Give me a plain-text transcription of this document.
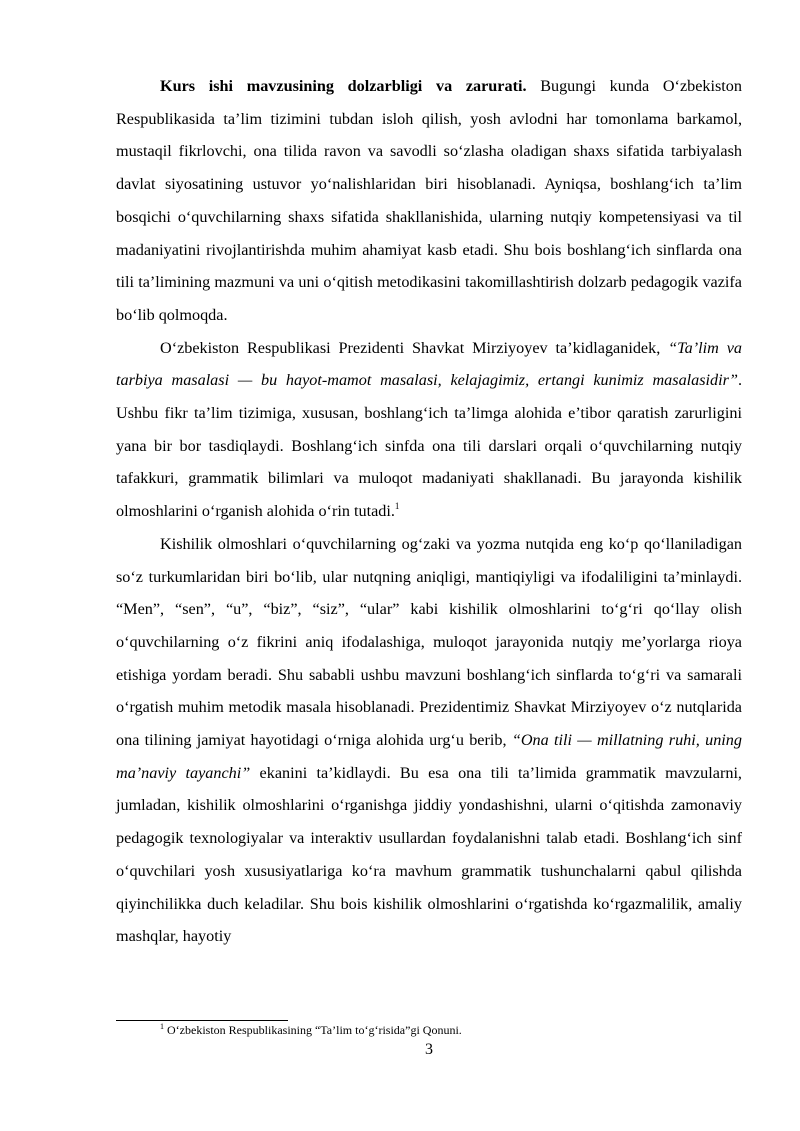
Kurs ishi mavzusining dolzarbligi va zarurati. Bugungi kunda O‘zbekiston Respublikasida ta’lim tizimini tubdan isloh qilish, yosh avlodni har tomonlama barkamol, mustaqil fikrlovchi, ona tilida ravon va savodli so‘zlasha oladigan shaxs sifatida tarbiyalash davlat siyosatining ustuvor yo‘nalishlaridan biri hisoblanadi. Ayniqsa, boshlang‘ich ta’lim bosqichi o‘quvchilarning shaxs sifatida shakllanishida, ularning nutqiy kompetensiyasi va til madaniyatini rivojlantirishda muhim ahamiyat kasb etadi. Shu bois boshlang‘ich sinflarda ona tili ta’limining mazmuni va uni o‘qitish metodikasini takomillashtirish dolzarb pedagogik vazifa bo‘lib qolmoqda.

O‘zbekiston Respublikasi Prezidenti Shavkat Mirziyoyev ta’kidlaganidek, “Ta’lim va tarbiya masalasi — bu hayot-mamot masalasi, kelajagimiz, ertangi kunimiz masalasidir”. Ushbu fikr ta’lim tizimiga, xususan, boshlang‘ich ta’limga alohida e’tibor qaratish zarurligini yana bir bor tasdiqlaydi. Boshlang‘ich sinfda ona tili darslari orqali o‘quvchilarning nutqiy tafakkuri, grammatik bilimlari va muloqot madaniyati shakllanadi. Bu jarayonda kishilik olmoshlarini o‘rganish alohida o‘rin tutadi.$^1$

Kishilik olmoshlari o‘quvchilarning og‘zaki va yozma nutqida eng ko‘p qo‘llaniladigan so‘z turkumlaridan biri bo‘lib, ular nutqning aniqligi, mantiqiyligi va ifodaliligini ta’minlaydi. “Men”, “sen”, “u”, “biz”, “siz”, “ular” kabi kishilik olmoshlarini to‘g‘ri qo‘llay olish o‘quvchilarning o‘z fikrini aniq ifodalashiga, muloqot jarayonida nutqiy me’yorlarga rioya etishiga yordam beradi. Shu sababli ushbu mavzuni boshlang‘ich sinflarda to‘g‘ri va samarali o‘rgatish muhim metodik masala hisoblanadi. Prezidentimiz Shavkat Mirziyoyev o‘z nutqlarida ona tilining jamiyat hayotidagi o‘rniga alohida urg‘u berib, “Ona tili — millatning ruhi, uning ma’naviy tayanchi” ekanini ta’kidlaydi. Bu esa ona tili ta’limida grammatik mavzularni, jumladan, kishilik olmoshlarini o‘rganishga jiddiy yondashishni, ularni o‘qitishda zamonaviy pedagogik texnologiyalar va interaktiv usullardan foydalanishni talab etadi. Boshlang‘ich sinf o‘quvchilari yosh xususiyatlariga ko‘ra mavhum grammatik tushunchalarni qabul qilishda qiyinchilikka duch keladilar. Shu bois kishilik olmoshlarini o‘rgatishda ko‘rgazmalilik, amaliy mashqlar, hayotiy

$^1$ O‘zbekiston Respublikasining “Ta’lim to‘g‘risida”gi Qonuni.
3
